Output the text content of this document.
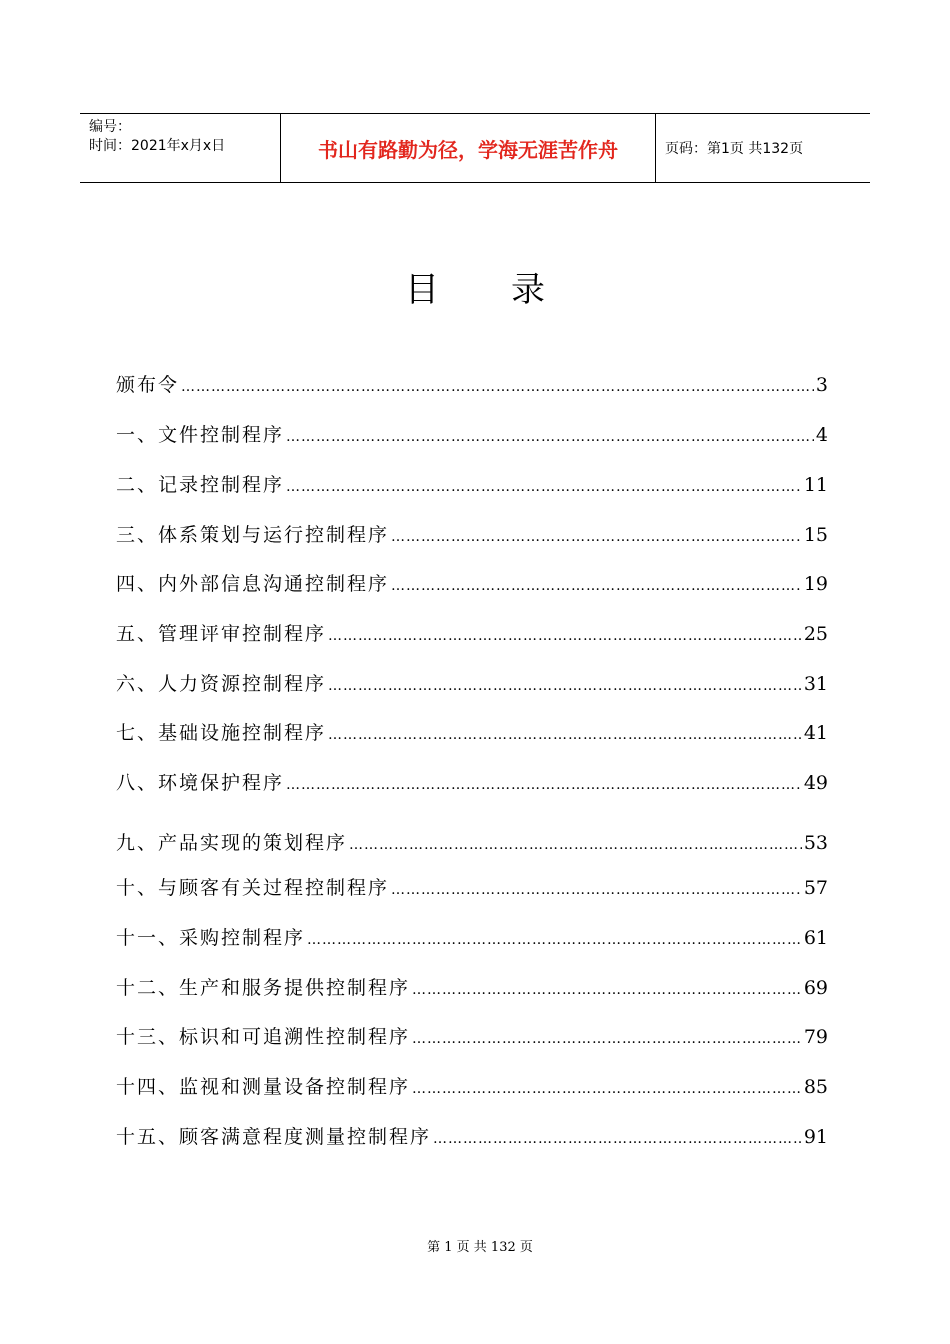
编号：
时间：2021年x月x日	书山有路勤为径，学海无涯苦作舟	页码：第1页 共132页
目录
颁布令 …………………………………………………………………………………………………………………………………………………………………………	3
一、文件控制程序 …………………………………………………………………………………………………………………………………………………………………………	4
二、记录控制程序 …………………………………………………………………………………………………………………………………………………………………………	11
三、体系策划与运行控制程序 …………………………………………………………………………………………………………………………………………………………………………	15
四、内外部信息沟通控制程序 …………………………………………………………………………………………………………………………………………………………………………	19
五、管理评审控制程序 …………………………………………………………………………………………………………………………………………………………………………	25
六、人力资源控制程序 …………………………………………………………………………………………………………………………………………………………………………	31
七、基础设施控制程序 …………………………………………………………………………………………………………………………………………………………………………	41
八、环境保护程序 …………………………………………………………………………………………………………………………………………………………………………	49
九、产品实现的策划程序 …………………………………………………………………………………………………………………………………………………………………………	53
十、与顾客有关过程控制程序 …………………………………………………………………………………………………………………………………………………………………………	57
十一、采购控制程序 …………………………………………………………………………………………………………………………………………………………………………	61
十二、生产和服务提供控制程序 …………………………………………………………………………………………………………………………………………………………………………	69
十三、标识和可追溯性控制程序 …………………………………………………………………………………………………………………………………………………………………………	79
十四、监视和测量设备控制程序 …………………………………………………………………………………………………………………………………………………………………………	85
十五、顾客满意程度测量控制程序 …………………………………………………………………………………………………………………………………………………………………………	91
第 1 页 共 132 页
